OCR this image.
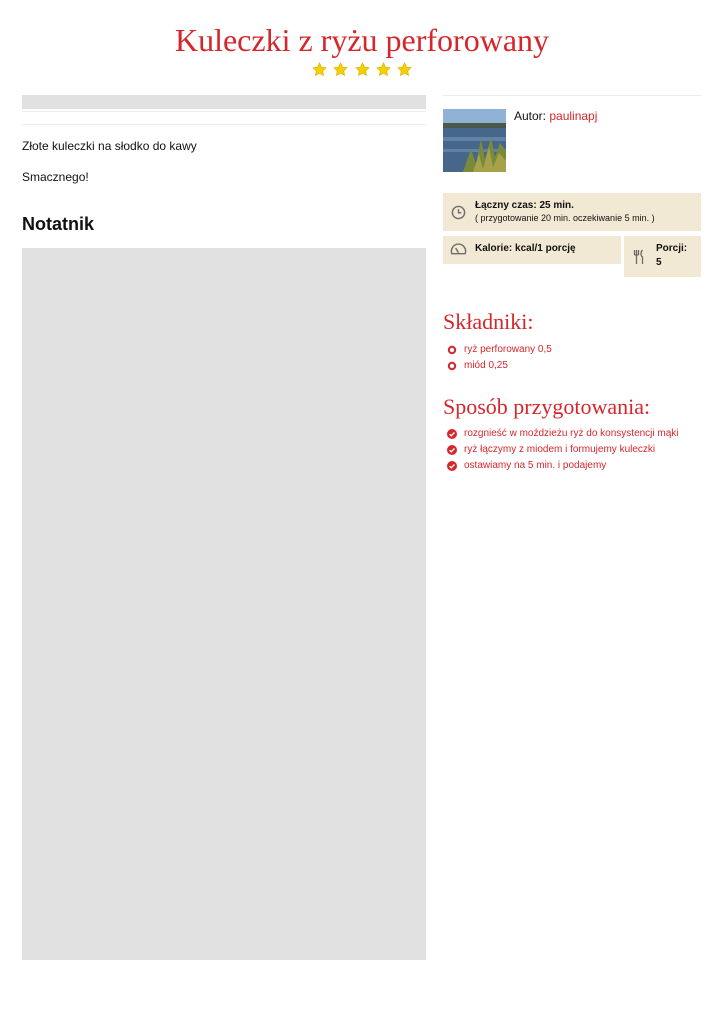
Kuleczki z ryżu perforowany

Złote kuleczki na słodko do kawy
Smacznego!
Notatnik
Autor: paulinapj
Łączny czas: 25 min.
( przygotowanie 20 min. oczekiwanie 5 min. )
Kalorie: kcal/1 porcję	Porcji:
5
Składniki:
ryż perforowany 0,5
miód 0,25
Sposób przygotowania:
rozgnieść w moździeżu ryż do konsystencji mąki
ryż łączymy z miodem i formujemy kuleczki
ostawiamy na 5 min. i podajemy
